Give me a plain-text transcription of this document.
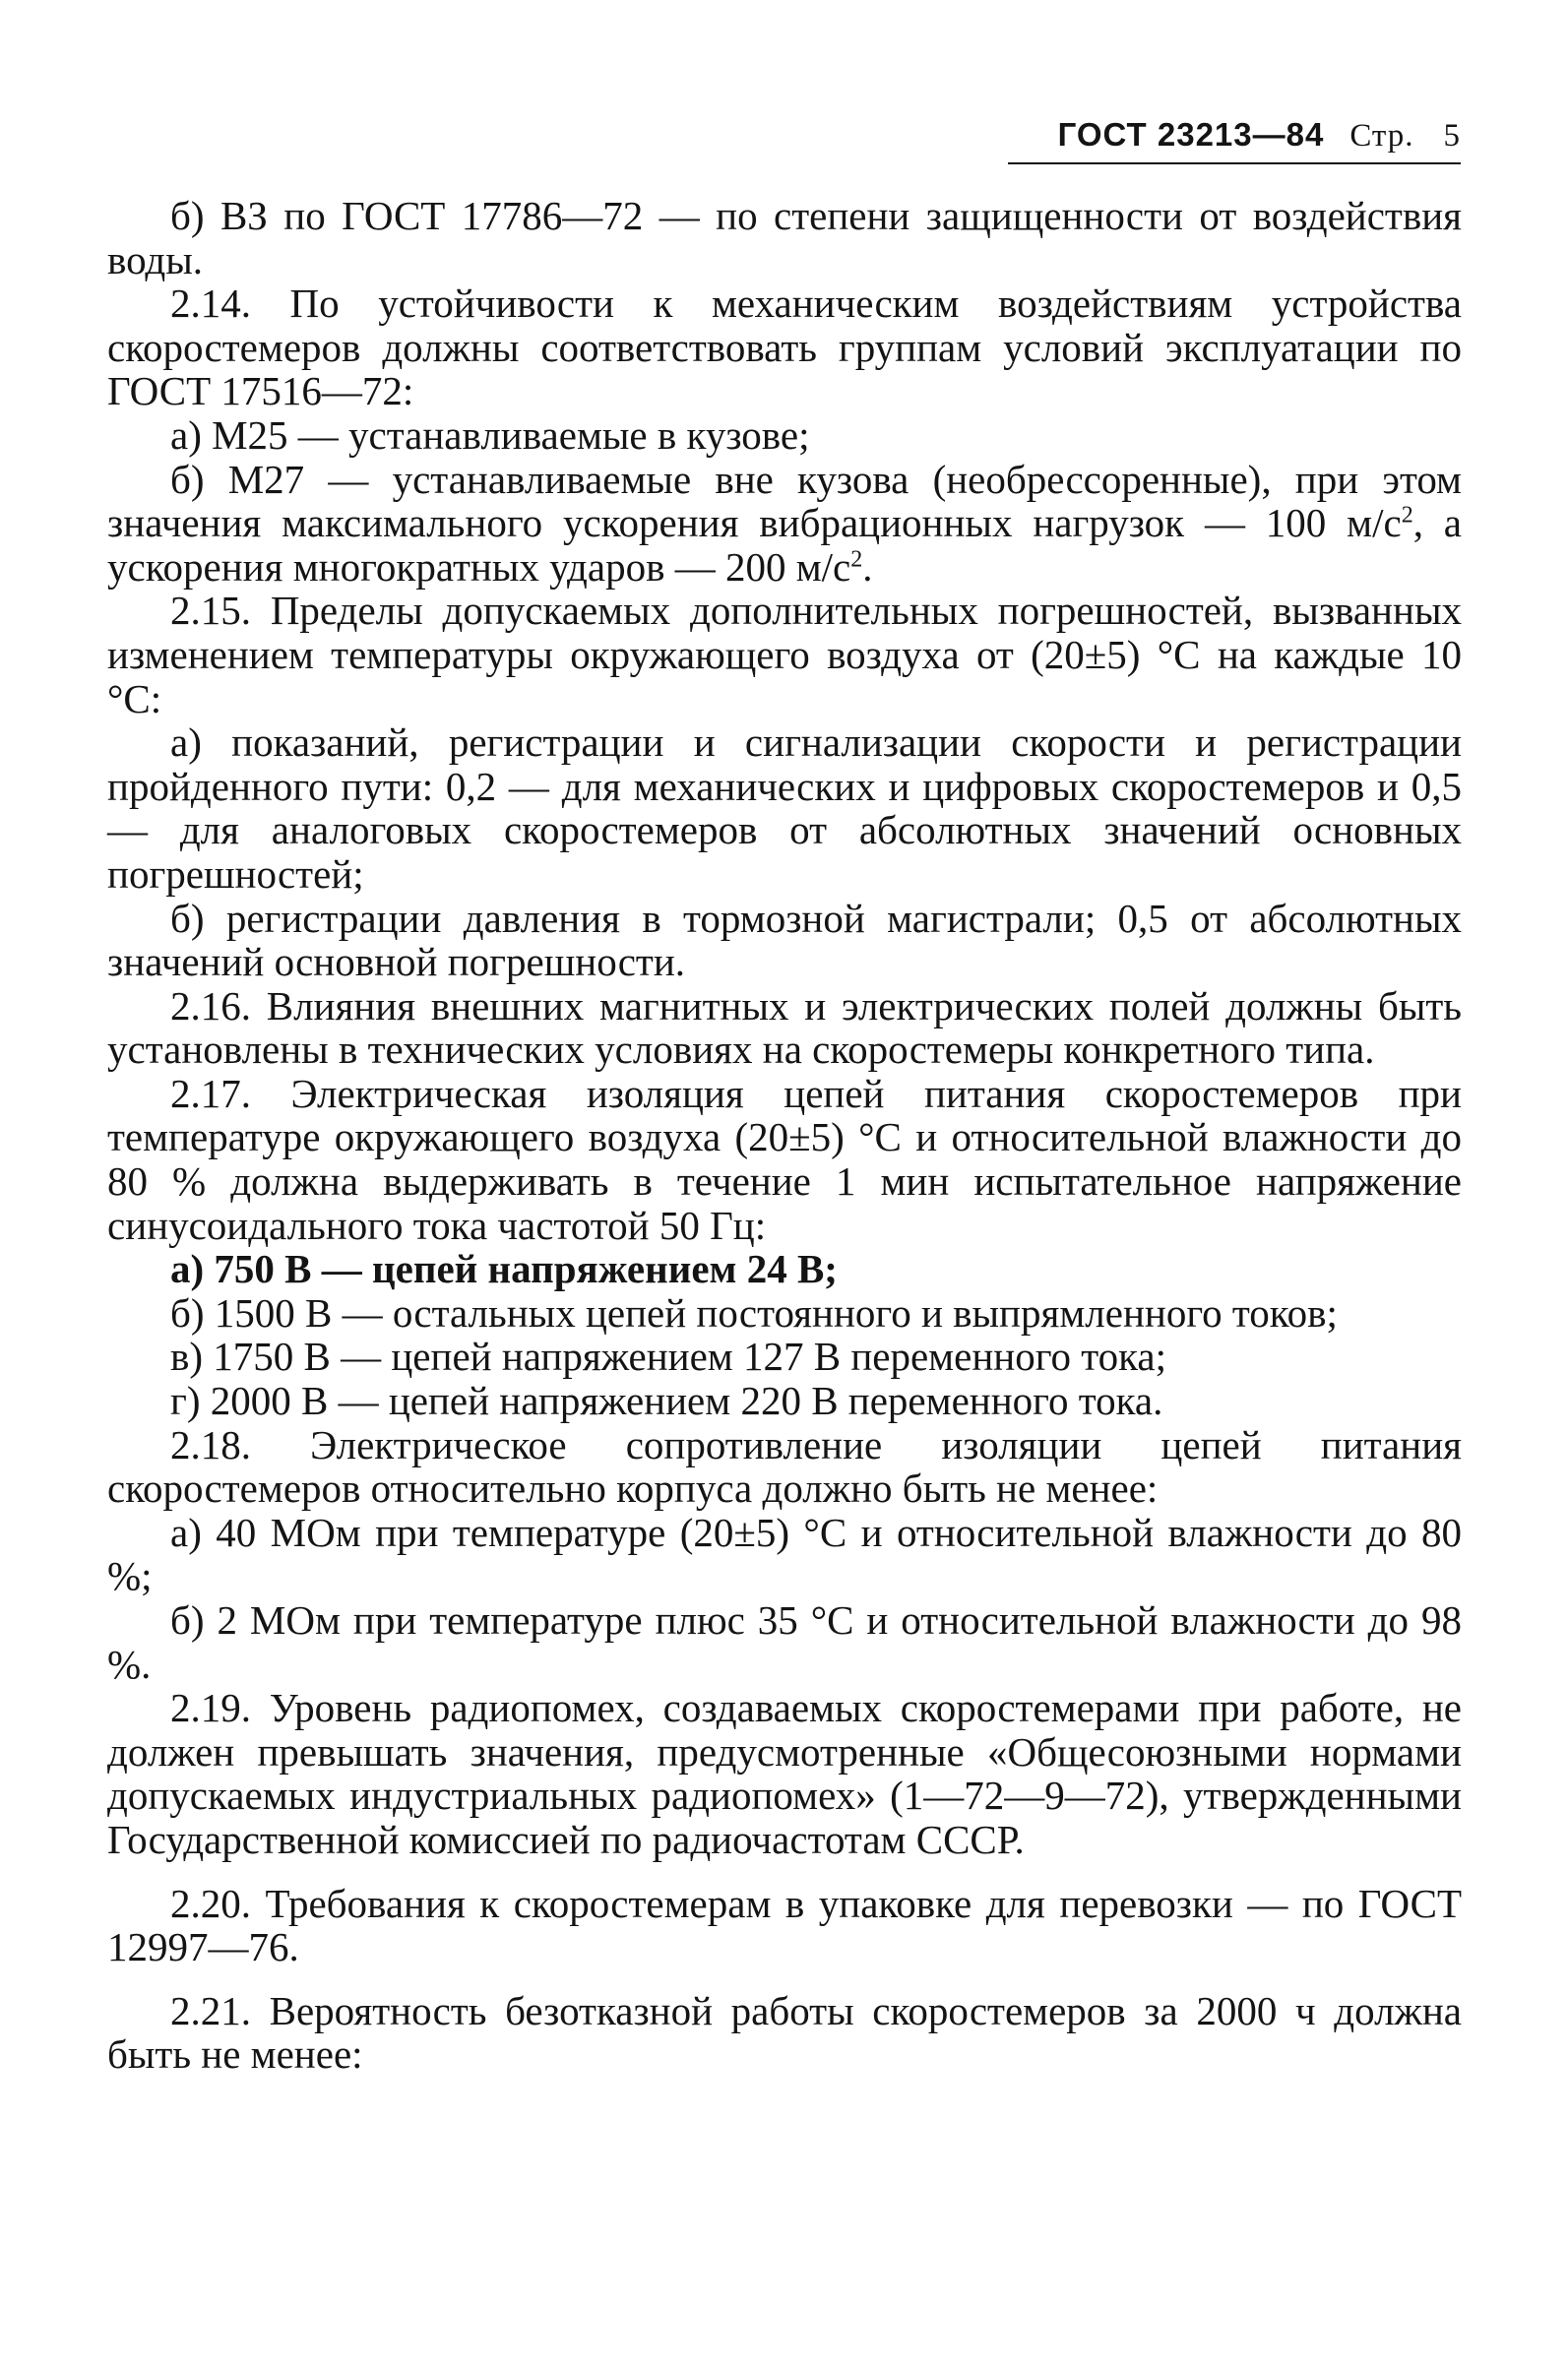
ГОСТ 23213—84 Стр. 5

б) ВЗ по ГОСТ 17786—72 — по степени защищенности от воздействия воды.

2.14. По устойчивости к механическим воздействиям устройства скоростемеров должны соответствовать группам условий эксплуатации по ГОСТ 17516—72:

а) М25 — устанавливаемые в кузове;

б) М27 — устанавливаемые вне кузова (необрессоренные), при этом значения максимального ускорения вибрационных нагрузок — 100 $м/с^2$, а ускорения многократных ударов — 200 $м/с^2$.

2.15. Пределы допускаемых дополнительных погрешностей, вызванных изменением температуры окружающего воздуха от (20±5) °С на каждые 10 °С:

а) показаний, регистрации и сигнализации скорости и регистрации пройденного пути: 0,2 — для механических и цифровых скоростемеров и 0,5 — для аналоговых скоростемеров от абсолютных значений основных погрешностей;

б) регистрации давления в тормозной магистрали; 0,5 от абсолютных значений основной погрешности.

2.16. Влияния внешних магнитных и электрических полей должны быть установлены в технических условиях на скоростемеры конкретного типа.

2.17. Электрическая изоляция цепей питания скоростемеров при температуре окружающего воздуха (20±5) °С и относительной влажности до 80 % должна выдерживать в течение 1 мин испытательное напряжение синусоидального тока частотой 50 Гц:

а) 750 В — цепей напряжением 24 В;

б) 1500 В — остальных цепей постоянного и выпрямленного токов;

в) 1750 В — цепей напряжением 127 В переменного тока;

г) 2000 В — цепей напряжением 220 В переменного тока.

2.18. Электрическое сопротивление изоляции цепей питания скоростемеров относительно корпуса должно быть не менее:

а) 40 МОм при температуре (20±5) °С и относительной влажности до 80 %;

б) 2 МОм при температуре плюс 35 °С и относительной влажности до 98 %.

2.19. Уровень радиопомех, создаваемых скоростемерами при работе, не должен превышать значения, предусмотренные «Общесоюзными нормами допускаемых индустриальных радиопомех» (1—72—9—72), утвержденными Государственной комиссией по радиочастотам СССР.

2.20. Требования к скоростемерам в упаковке для перевозки — по ГОСТ 12997—76.

2.21. Вероятность безотказной работы скоростемеров за 2000 ч должна быть не менее:
